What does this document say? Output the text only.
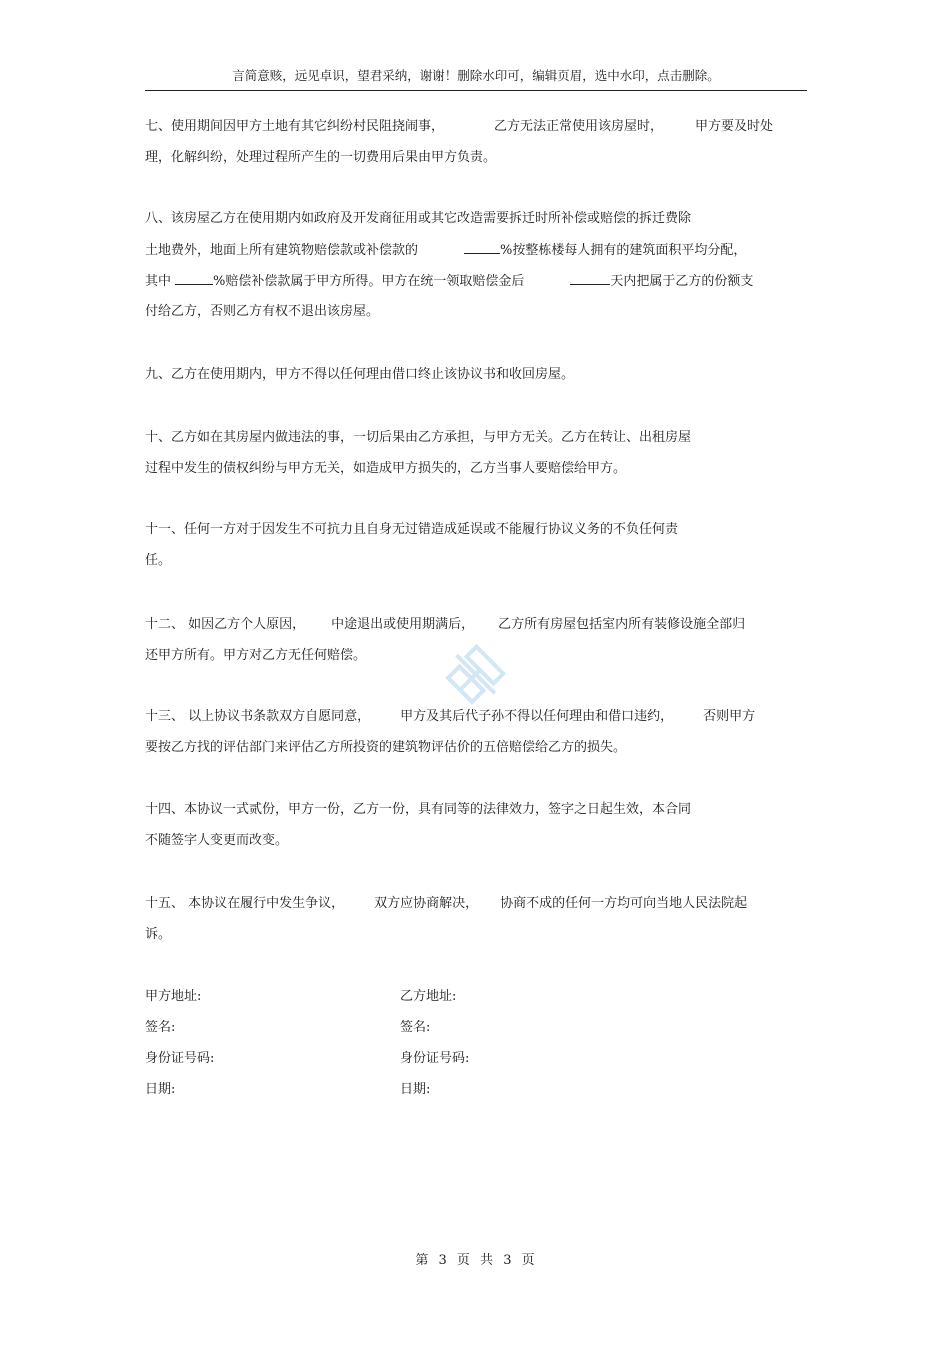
言简意赅，远见卓识，望君采纳，谢谢！删除水印可，编辑页眉，选中水印，点击删除。
七、使用期间因甲方土地有其它纠纷村民阻挠闹事，	乙方无法正常使用该房屋时， 甲方要及时处
理，化解纠纷，处理过程所产生的一切费用后果由甲方负责。
八、该房屋乙方在使用期内如政府及开发商征用或其它改造需要拆迁时所补偿或赔偿的拆迁费除
土地费外，地面上所有建筑物赔偿款或补偿款的	%按整栋楼每人拥有的建筑面积平均分配，
其中	%赔偿补偿款属于甲方所得。甲方在统一领取赔偿金后	天内把属于乙方的份额支
付给乙方，否则乙方有权不退出该房屋。
九、乙方在使用期内，甲方不得以任何理由借口终止该协议书和收回房屋。
十、乙方如在其房屋内做违法的事，一切后果由乙方承担，与甲方无关。乙方在转让、出租房屋
过程中发生的债权纠纷与甲方无关，如造成甲方损失的，乙方当事人要赔偿给甲方。
十一、任何一方对于因发生不可抗力且自身无过错造成延误或不能履行协议义务的不负任何责
任。
十二、 如因乙方个人原因， 中途退出或使用期满后， 乙方所有房屋包括室内所有装修设施全部归
还甲方所有。甲方对乙方无任何赔偿。
十三、 以上协议书条款双方自愿同意， 甲方及其后代子孙不得以任何理由和借口违约， 否则甲方
要按乙方找的评估部门来评估乙方所投资的建筑物评估价的五倍赔偿给乙方的损失。
十四、本协议一式贰份，甲方一份，乙方一份，具有同等的法律效力，签字之日起生效，本合同
不随签字人变更而改变。
十五、 本协议在履行中发生争议， 双方应协商解决， 协商不成的任何一方均可向当地人民法院起
诉。
甲方地址:	乙方地址:
签名:	签名:
身份证号码:	身份证号码:
日期:	日期:
第 3 页 共 3 页
